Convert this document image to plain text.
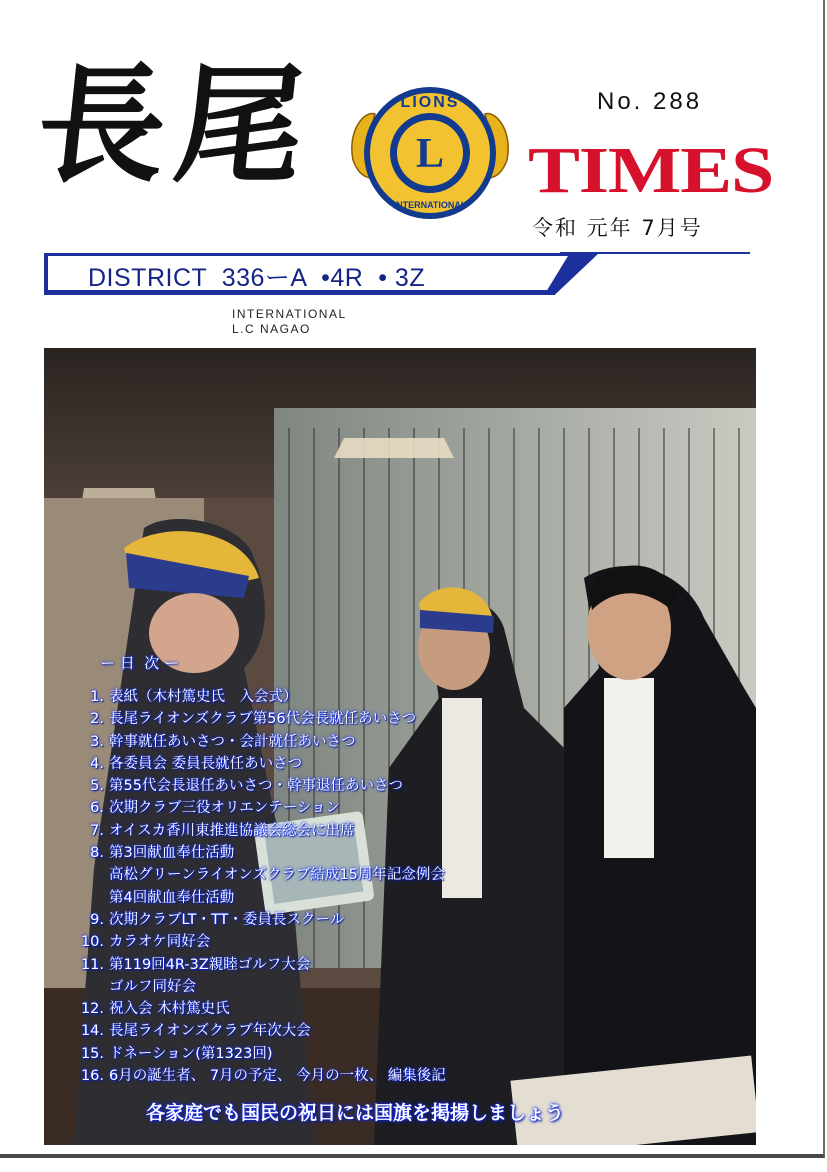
長尾 L
LIONS
INTERNATIONAL
No. 288
TIMES
令和 元年 7月号
DISTRICT  336ーA  •4R  • 3Z
INTERNATIONAL
L.C NAGAO
ー 日  次 ー
1. 表紙（木村篤史氏　入会式）
2. 長尾ライオンズクラブ第56代会長就任あいさつ
3. 幹事就任あいさつ・会計就任あいさつ
4. 各委員会 委員長就任あいさつ
5. 第55代会長退任あいさつ・幹事退任あいさつ
6. 次期クラブ三役オリエンテーション
7. オイスカ香川東推進協議会総会に出席
8. 第3回献血奉仕活動
高松グリーンライオンズクラブ結成15周年記念例会
第4回献血奉仕活動
9. 次期クラブLT・TT・委員長スクール
10. カラオケ同好会
11. 第119回4R-3Z親睦ゴルフ大会
ゴルフ同好会
12. 祝入会 木村篤史氏
14. 長尾ライオンズクラブ年次大会
15. ドネーション(第1323回)
16. 6月の誕生者、 7月の予定、 今月の一枚、 編集後記
各家庭でも国民の祝日には国旗を掲揚しましょう
